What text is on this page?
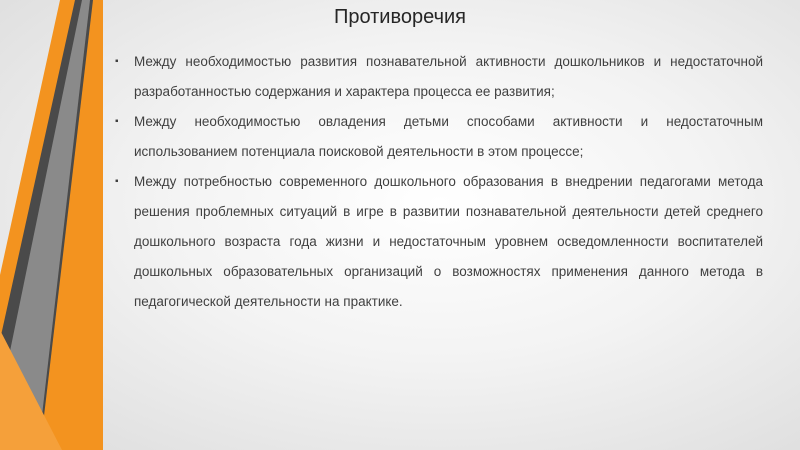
Противоречия
▪ Между необходимостью развития познавательной активности дошкольников и недостаточной разработанностью содержания и характера процесса ее развития;
▪ Между необходимостью овладения детьми способами активности и недостаточным использованием потенциала поисковой деятельности в этом процессе;
▪ Между потребностью современного дошкольного образования в внедрении педагогами метода решения проблемных ситуаций в игре в развитии познавательной деятельности детей среднего дошкольного возраста года жизни и недостаточным уровнем осведомленности воспитателей дошкольных образовательных организаций о возможностях применения данного метода в педагогической деятельности на практике.
